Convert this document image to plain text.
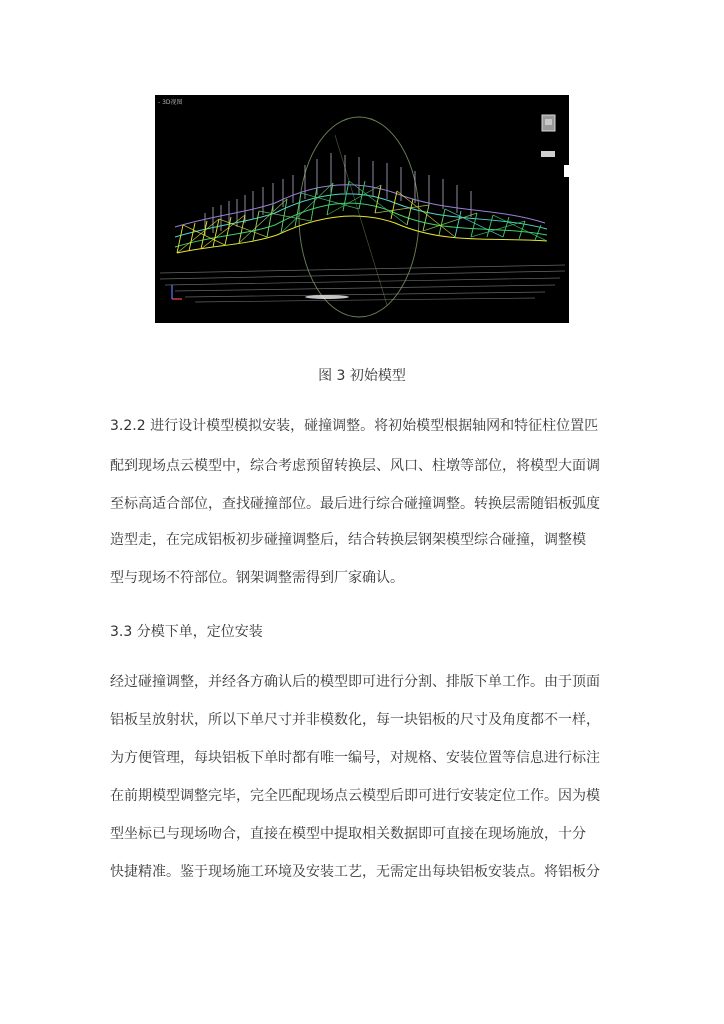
- 3D视图
图 3 初始模型
3.2.2 进行设计模型模拟安装，碰撞调整。将初始模型根据轴网和特征柱位置匹
配到现场点云模型中，综合考虑预留转换层、风口、柱墩等部位，将模型大面调
至标高适合部位，查找碰撞部位。最后进行综合碰撞调整。转换层需随铝板弧度
造型走，在完成铝板初步碰撞调整后，结合转换层钢架模型综合碰撞，调整模
型与现场不符部位。钢架调整需得到厂家确认。
3.3 分模下单，定位安装
经过碰撞调整，并经各方确认后的模型即可进行分割、排版下单工作。由于顶面
铝板呈放射状，所以下单尺寸并非模数化，每一块铝板的尺寸及角度都不一样，
为方便管理，每块铝板下单时都有唯一编号，对规格、安装位置等信息进行标注
在前期模型调整完毕，完全匹配现场点云模型后即可进行安装定位工作。因为模
型坐标已与现场吻合，直接在模型中提取相关数据即可直接在现场施放，十分
快捷精准。鉴于现场施工环境及安装工艺，无需定出每块铝板安装点。将铝板分
